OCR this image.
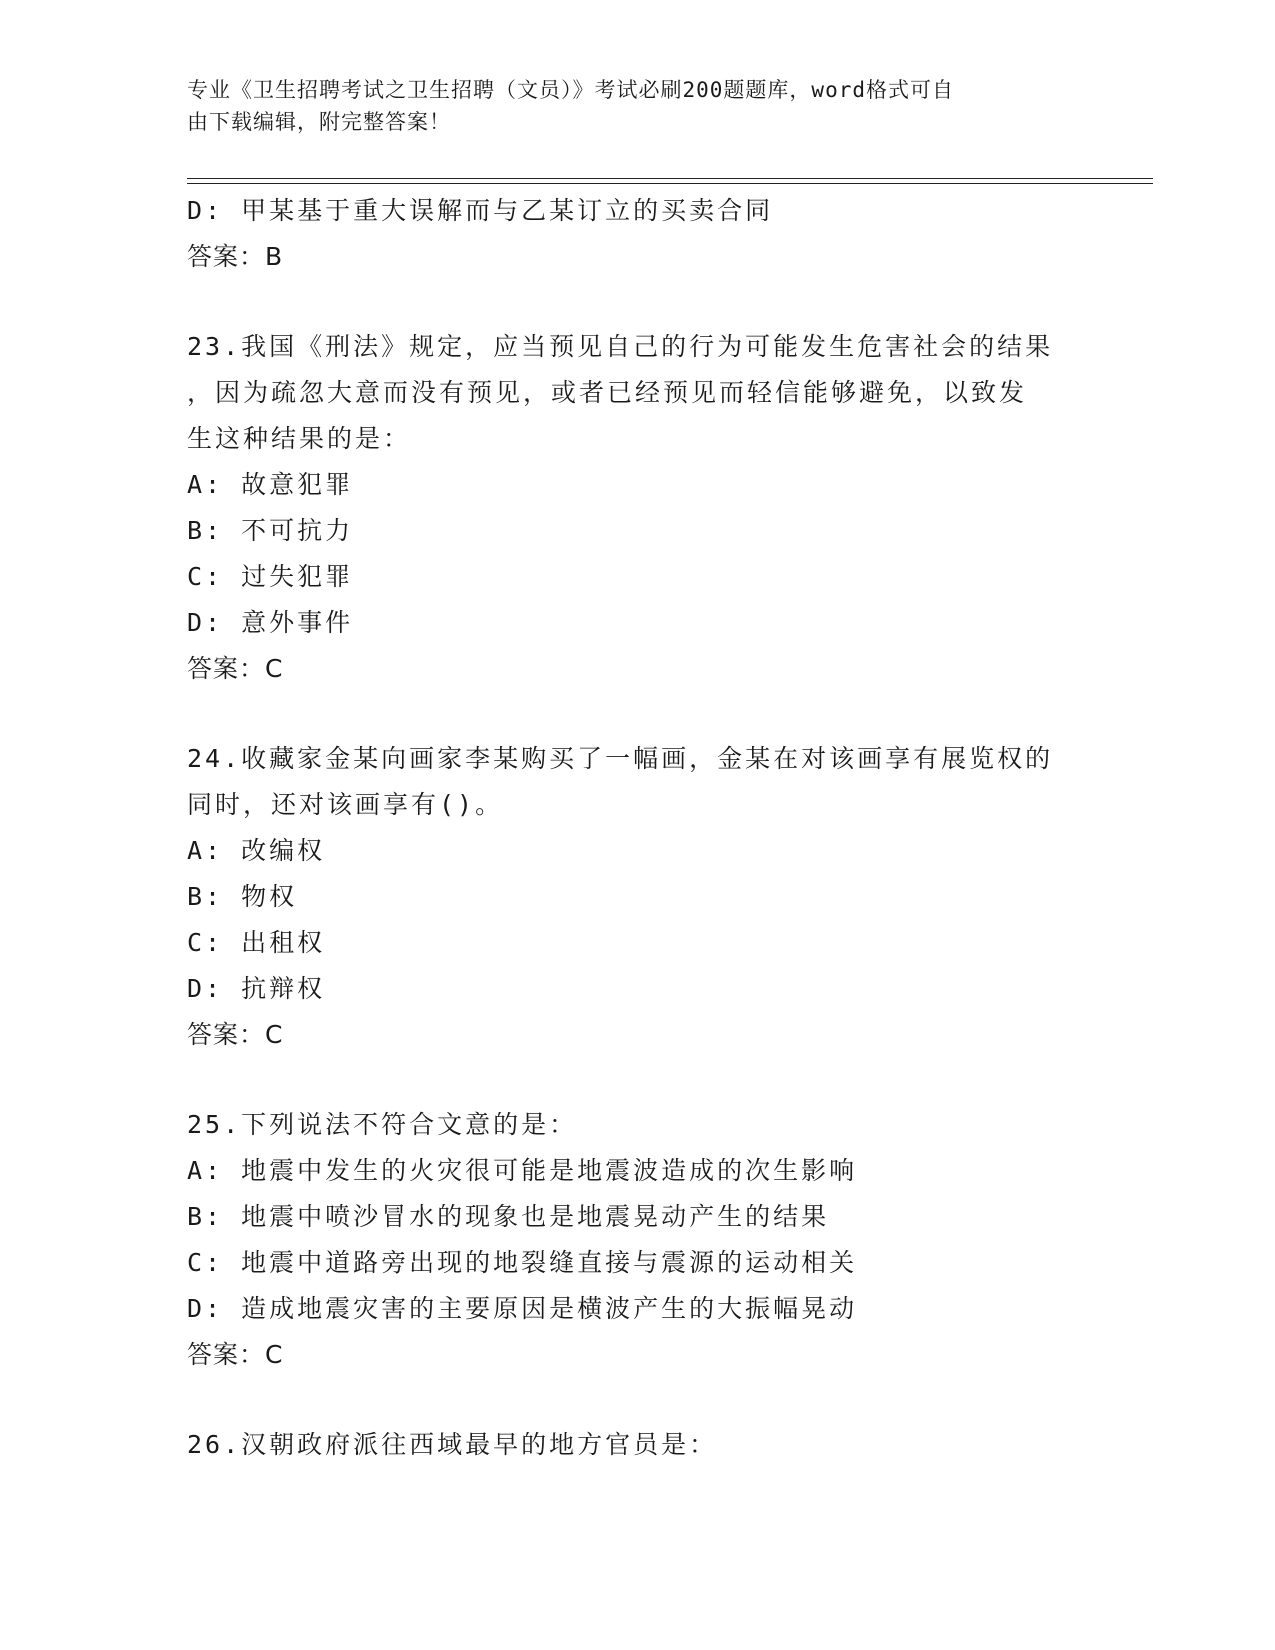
专业《卫生招聘考试之卫生招聘（文员）》考试必刷200题题库，word格式可自
由下载编辑，附完整答案！
D: 甲某基于重大误解而与乙某订立的买卖合同
答案：B
23.我国《刑法》规定，应当预见自己的行为可能发生危害社会的结果
，因为疏忽大意而没有预见，或者已经预见而轻信能够避免，以致发
生这种结果的是：
A: 故意犯罪
B: 不可抗力
C: 过失犯罪
D: 意外事件
答案：C
24.收藏家金某向画家李某购买了一幅画，金某在对该画享有展览权的
同时，还对该画享有()。
A: 改编权
B: 物权
C: 出租权
D: 抗辩权
答案：C
25.下列说法不符合文意的是：
A: 地震中发生的火灾很可能是地震波造成的次生影响
B: 地震中喷沙冒水的现象也是地震晃动产生的结果
C: 地震中道路旁出现的地裂缝直接与震源的运动相关
D: 造成地震灾害的主要原因是横波产生的大振幅晃动
答案：C
26.汉朝政府派往西域最早的地方官员是：
